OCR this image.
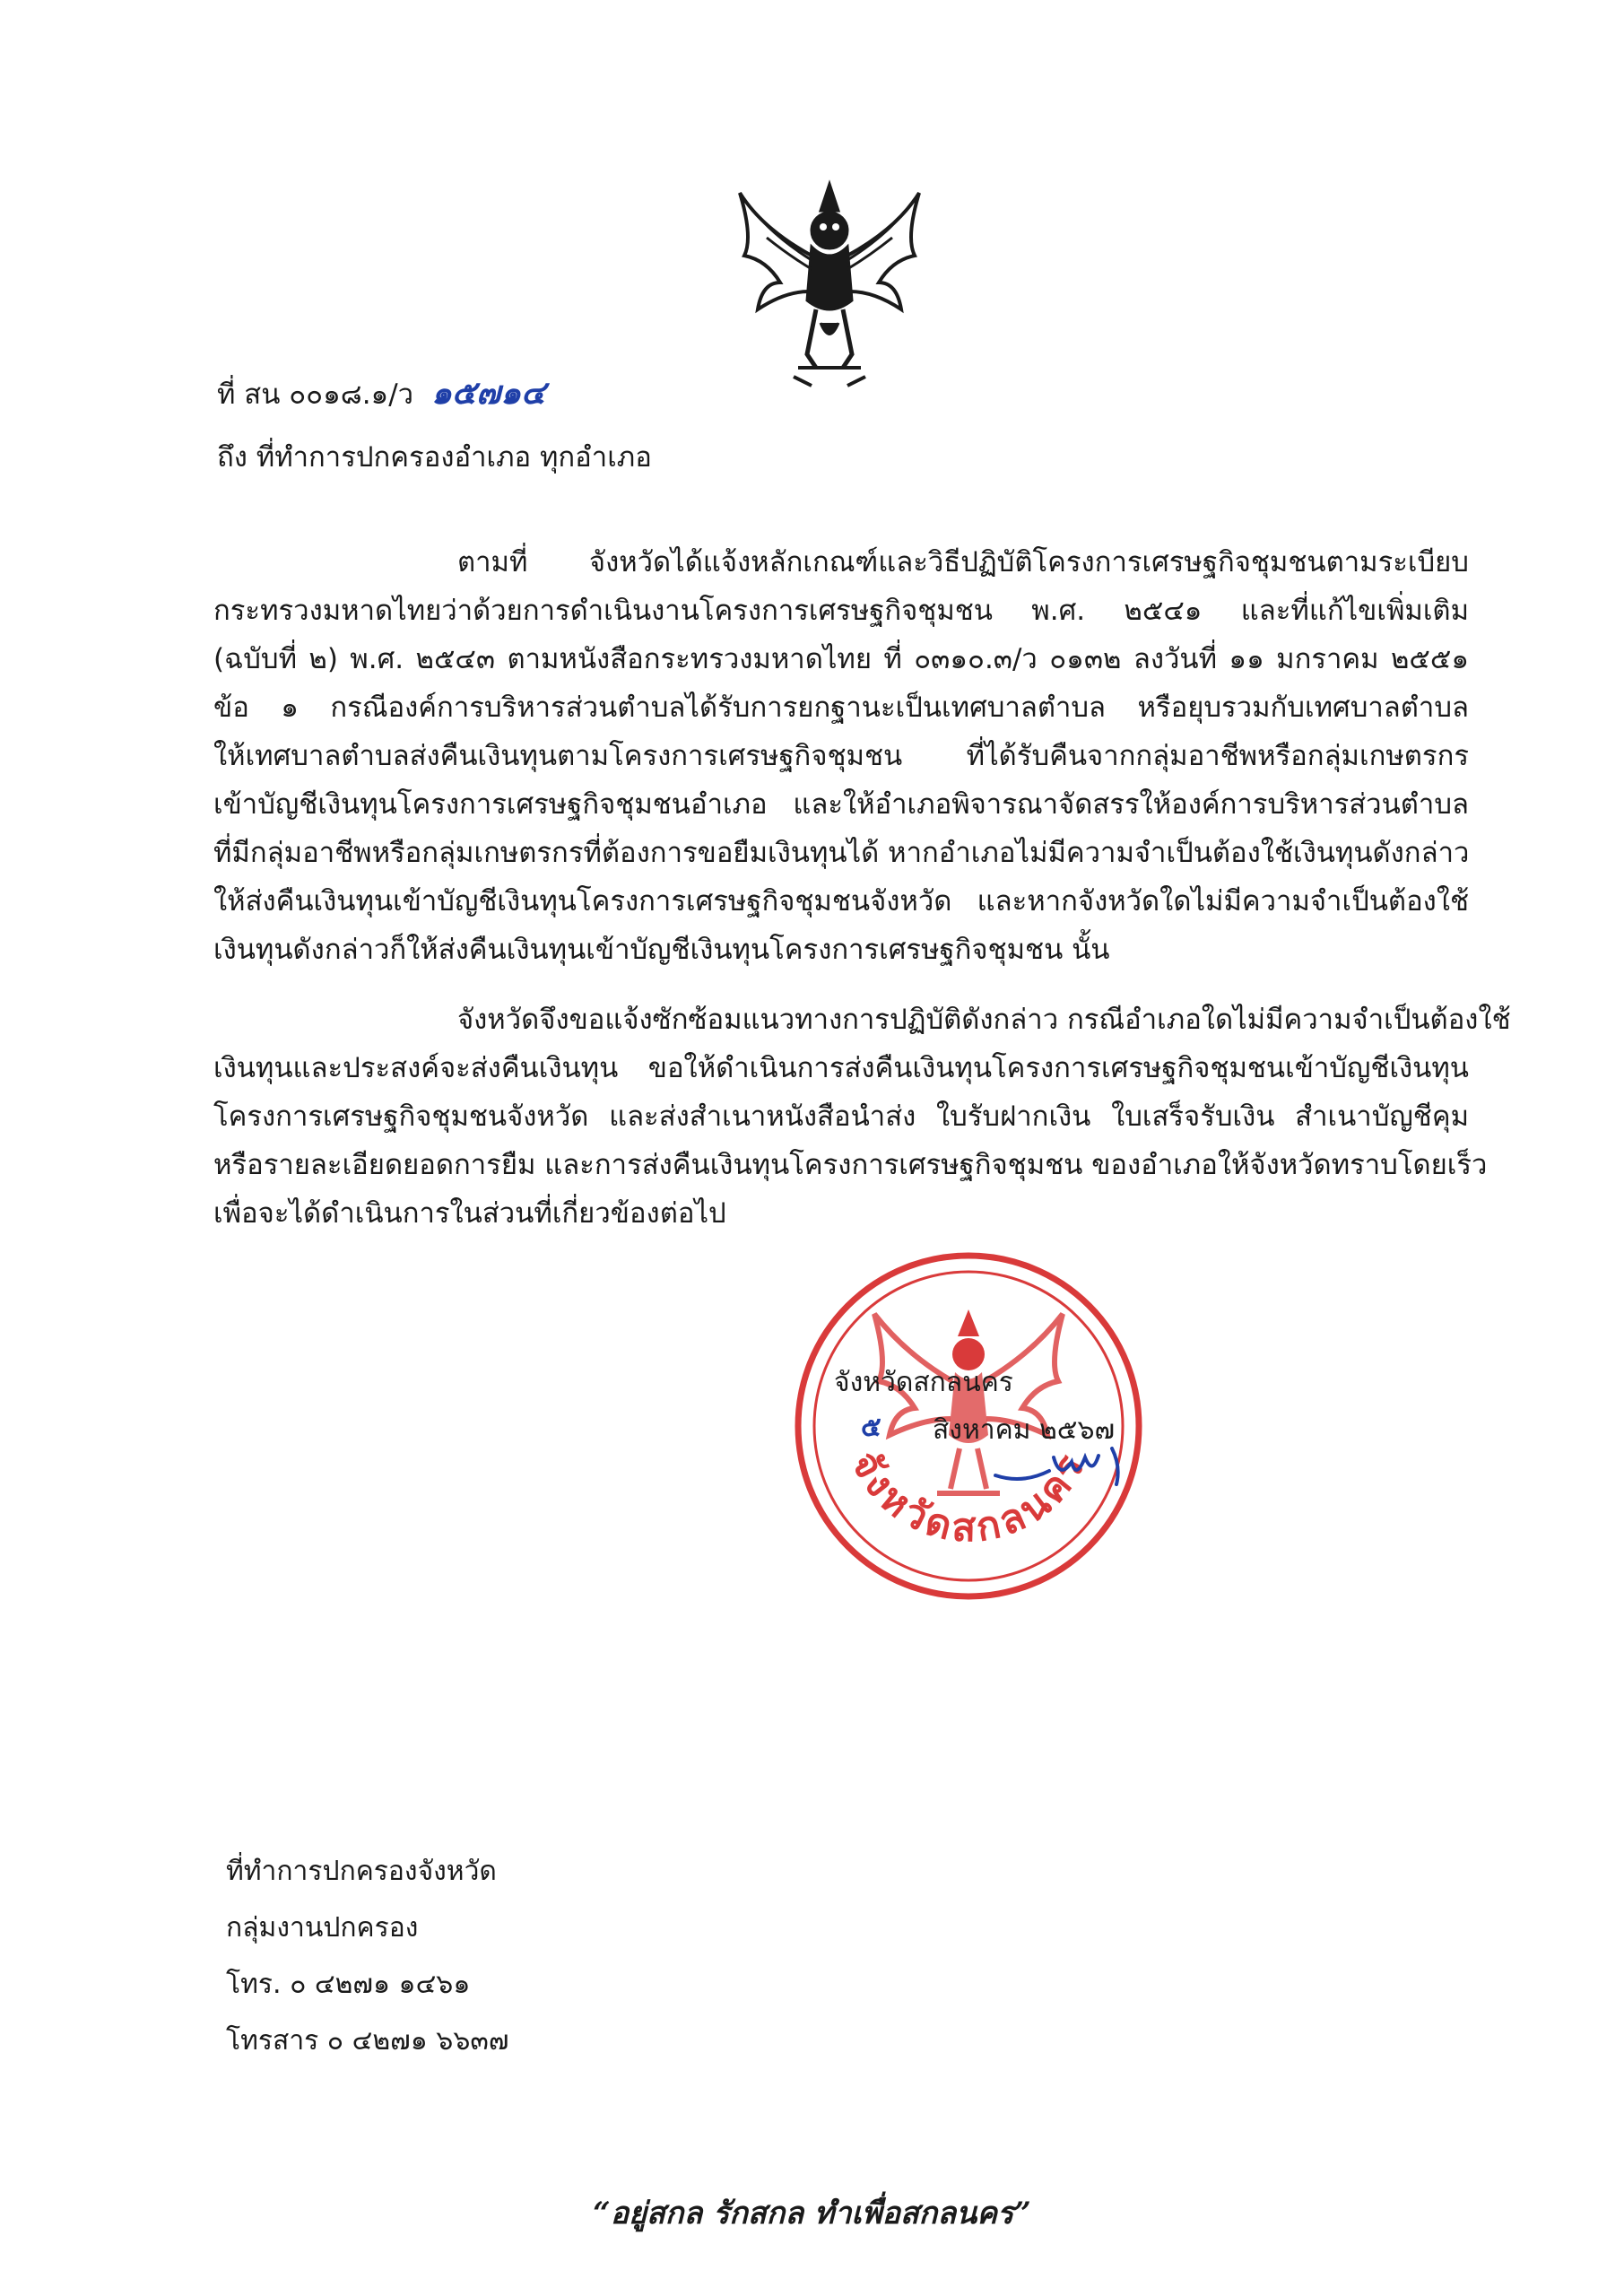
ที่ สน ๐๐๑๘.๑/ว ๑๕๗๑๔
ถึง ที่ทำการปกครองอำเภอ ทุกอำเภอ
ตามที่ จังหวัดได้แจ้งหลักเกณฑ์และวิธีปฏิบัติโครงการเศรษฐกิจชุมชนตามระเบียบ
กระทรวงมหาดไทยว่าด้วยการดำเนินงานโครงการเศรษฐกิจชุมชน พ.ศ. ๒๕๔๑ และที่แก้ไขเพิ่มเติม
(ฉบับที่ ๒) พ.ศ. ๒๕๔๓ ตามหนังสือกระทรวงมหาดไทย ที่ ๐๓๑๐.๓/ว ๐๑๓๒ ลงวันที่ ๑๑ มกราคม ๒๕๕๑
ข้อ ๑ กรณีองค์การบริหารส่วนตำบลได้รับการยกฐานะเป็นเทศบาลตำบล หรือยุบรวมกับเทศบาลตำบล
ให้เทศบาลตำบลส่งคืนเงินทุนตามโครงการเศรษฐกิจชุมชน ที่ได้รับคืนจากกลุ่มอาชีพหรือกลุ่มเกษตรกร
เข้าบัญชีเงินทุนโครงการเศรษฐกิจชุมชนอำเภอ และให้อำเภอพิจารณาจัดสรรให้องค์การบริหารส่วนตำบล
ที่มีกลุ่มอาชีพหรือกลุ่มเกษตรกรที่ต้องการขอยืมเงินทุนได้ หากอำเภอไม่มีความจำเป็นต้องใช้เงินทุนดังกล่าว
ให้ส่งคืนเงินทุนเข้าบัญชีเงินทุนโครงการเศรษฐกิจชุมชนจังหวัด และหากจังหวัดใดไม่มีความจำเป็นต้องใช้
เงินทุนดังกล่าวก็ให้ส่งคืนเงินทุนเข้าบัญชีเงินทุนโครงการเศรษฐกิจชุมชน นั้น
จังหวัดจึงขอแจ้งซักซ้อมแนวทางการปฏิบัติดังกล่าว กรณีอำเภอใดไม่มีความจำเป็นต้องใช้
เงินทุนและประสงค์จะส่งคืนเงินทุน ขอให้ดำเนินการส่งคืนเงินทุนโครงการเศรษฐกิจชุมชนเข้าบัญชีเงินทุน
โครงการเศรษฐกิจชุมชนจังหวัด และส่งสำเนาหนังสือนำส่ง ใบรับฝากเงิน ใบเสร็จรับเงิน สำเนาบัญชีคุม
หรือรายละเอียดยอดการยืม และการส่งคืนเงินทุนโครงการเศรษฐกิจชุมชน ของอำเภอให้จังหวัดทราบโดยเร็ว
เพื่อจะได้ดำเนินการในส่วนที่เกี่ยวข้องต่อไป
จังหวัดสกลนคร
จังหวัดสกลนคร
๕ สิงหาคม ๒๕๖๗
ที่ทำการปกครองจังหวัด
กลุ่มงานปกครอง
โทร. ๐ ๔๒๗๑ ๑๔๖๑
โทรสาร ๐ ๔๒๗๑ ๖๖๓๗
“อยู่สกล รักสกล ทำเพื่อสกลนคร”
